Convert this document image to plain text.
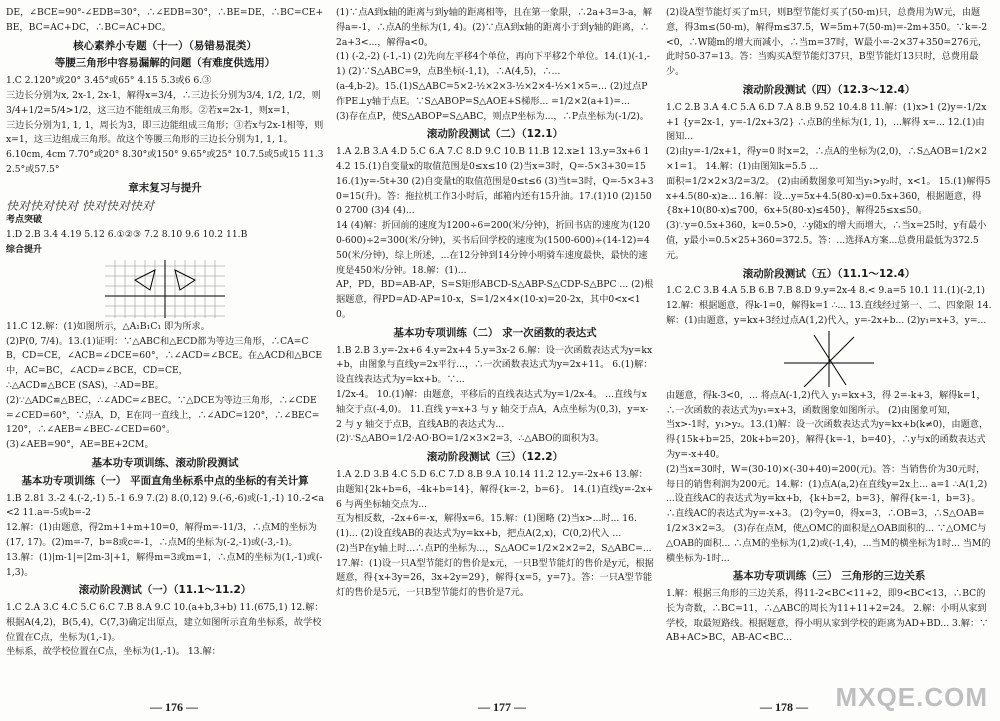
DE，∠BCE=90°-∠EDB=30°，∴∠EDB=30°，∴BE=DE，∴BC=CE+BE，BC=AC+DC，∴BC=AC+DC。

核心素养小专题（十一）（易错易混类）

等腰三角形中容易漏解的问题（有难度供选用）

1.C 2.120°或20° 3.45°或65° 4.15 5.3或6 6.③

三边长分别为x, 2x-1, 2x-1，解得x=3/4，∴三边长分别为3/4, 1/2, 1/2，则3/4+1/2=5/4>1/2，这三边不能组成三角形。②若x=2x-1，则x=1，

三边长分别为1, 1, 1，周长为3，即三边能组成三角形；③若x与2x-1相等，则x=1，这三边组成三角形。故这个等腰三角形的三边长分别为1, 1, 1。

6.10cm, 4cm 7.70°或20° 8.30°或150° 9.65°或25° 10.7.5或5或15 11.32.5°或57.5°

章末复习与提升

快对快对快对 快对快对快对

考点突破

1.D 2.B 3.4 4.19 5.12 6.①②③ 7.2 8.10 9.6 10.2 11.B

综合提升

11.C 12.解：(1)如图所示，△A₁B₁C₁ 即为所求。

(2)P(0, 7/4)。13.(1)证明：∵△ABC和△ECD都为等边三角形，∴CA=CB，CD=CE，∠ACB=∠DCE=60°，∴∠ACD=∠BCE。在△ACD和△BCE中，AC=BC，∠ACD=∠BCE，CD=CE，

∴△ACD≌△BCE (SAS)，∴AD=BE。

(2)∵△ADC≌△BEC，∴∠ADC=∠BEC。∵△DCE为等边三角形，∴∠CDE=∠CED=60°，∵点A，D，E在同一直线上，∴∠ADC=120°，∴∠BEC=120°，∴∠AEB=∠BEC-∠CED=60°。

(3)∠AEB=90°，AE=BE+2CM。

基本功专项训练、滚动阶段测试

基本功专项训练（一） 平面直角坐标系中点的坐标的有关计算

1.B 2.81 3.-2 4.(-2,-1) 5.-1 6.9 7.(2) 8.(0,12) 9.(-6,-6)或(-1,-1) 10.-2<a<2 11.a=-5或b=-2

12.解：(1)由题意，得2m+1+m+10=0，解得m=-11/3，∴点M的坐标为(17, 17)。(2)m=-7，b=8或c=-1，∴点M的坐标为(-2,-1)或(-3,-1)。

13.解：(1)|m-1|=|2m-3|+1，解得m=3或m=1，∴点M的坐标为(1,-1)或(-1,3)。

滚动阶段测试（一）（11.1～11.2）

1.C 2.A 3.C 4.C 5.C 6.C 7.B 8.A 9.C 10.(a+b,3+b) 11.(675,1) 12.解：根据A(4,2)，B(5,4)，C(7,3)确定出原点，建立如图所示直角坐标系，故学校位置在C点，坐标为(1,-1)。

坐标系，故学校位置在C点，坐标为(1,-1)。 13.解：

— 176 —

(1)∵点A到x轴的距离与到y轴的距离相等，且在第一象限，∴2a+3=3-a，解得a=-1，∴点A的坐标为(1, 4)。(2)∵点A到x轴的距离小于到y轴的距离，∴2a+3<...，解得a<0。

(1) (-2,-2) (-1,-1) (2)先向左平移4个单位，再向下平移2个单位。14.(1)(-1,-1) (2)∵S△ABC=9，点B坐标(-1,1)，∴A(4,5)，∴...

(a-4,b-2)。15.(1)S△ABC=5×2-½×2×3-½×2×4-½×1×5=... (2)过点P作PE⊥y轴于点E。∵S△ABOP=S△AOE+S梯形... =1/2×2(a+1)=...

(3)存在点P，使S△ABOP=S△ABC，则点P坐标为...，∴P点坐标为(-1/2)。

滚动阶段测试（二）（12.1）

1.A 2.B 3.A 4.D 5.C 6.A 7.C 8.D 9.C 10.B 11.B 12.x≥1 13.y=3x+6 14.2 15.(1)自变量x的取值范围是0≤x≤10 (2)当x=3时，Q=-5×3+30=15

16.(1)y=-5t+30 (2)自变量t的取值范围是0≤t≤6 (3)当t=3时，Q=-5×3+30=15(升)。答：拖拉机工作3小时后，邮箱内还有15升油。17.(1)10 (2)1500 2700 (3)4 (4)...

14 (4)解：折回前的速度为1200÷6=200(米/分钟)，折回书店的速度为(1200-600)÷2=300(米/分钟)，买书后回学校的速度为(1500-600)÷(14-12)=450(米/分钟)，综上所述，...在12分钟到14分钟小明骑车速度最快，最快的速度是450米/分钟。18.解：(1)...

AP，PD，BD=AB-AP，S=S矩形ABCD-S△ABP-S△CDP-S△BPC ... (2)根据题意，得PD=AD-AP=10-x，S=1/2×4×(10-x)=20-2x，其中0<x<10。

基本功专项训练（二） 求一次函数的表达式

1.B 2.B 3.y=-2x+6 4.y=2x+4 5.y=3x-2 6.解：设一次函数表达式为y=kx+b，由图象与直线y=2x平行...，∴一次函数表达式为y=2x+11。 6.(1)解：设直线表达式为y=kx+b。∵...

1/2x-4。 10.(1)解：由题意，平移后的直线表达式为y=1/2x-4。 ...直线与x轴交于点(-4,0)。 11.直线 y=x+3 与 y 轴交于点A，A点坐标为(0,3)，y=x-2 与 y 轴交于点B，直线AB的表达式为...

(2)∵S△ABO=1/2·AO·BO=1/2×3×2=3，∴△ABO的面积为3。

滚动阶段测试（三）（12.2）

1.A 2.D 3.B 4.C 5.D 6.C 7.D 8.B 9.A 10.14 11.2 12.y=-2x+6 13.解：由题知{2k+b=6，-4k+b=14}，解得{k=-2，b=6}。 14.(1)直线y=-2x+6 与两坐标轴交点为...

互为相反数，-2x+6=-x，解得x=6。15.解：(1)图略 (2)当x>...时... 16.(1)... (2)设直线AB的表达式为y=kx+b，把点A(2,x)，C(0,2)代入 ...

(2)当P在y轴上时...∴点P的坐标为...，S△AOC=1/2×2×2=2，S△ABC=... 17.解：(1)设一只A型节能灯的售价是x元，一只B型节能灯的售价是y元，根据题意，得{x+3y=26，3x+2y=29}，解得{x=5，y=7}。答：一只A型节能灯的售价是5元，一只B型节能灯的售价是7元。

— 177 —

(2)设A型节能灯买了m只，则B型节能灯买了(50-m)只，总费用为W元，由题意，得3m≤(50-m)，解得m≤37.5，W=5m+7(50-m)=-2m+350。∵k=-2<0，∴W随m的增大而减小，∴当m=37时，W最小=-2×37+350=276元，此时50-37=13。答：当购买A型节能灯37只，B型节能灯13只时，总费用最少。

滚动阶段测试（四）（12.3～12.4）

1.C 2.B 3.A 4.C 5.A 6.D 7.A 8.B 9.52 10.4.8 11.解：(1)x>1 (2)y=-1/2x+1 {y=2x-1，y=-1/2x+3/2} ∴点B的坐标为(1, 1)，...解得 x=... 12.(1)由图知...

(2)由y=-1/2x+1，得y=0 时x=2，∴点A的坐标为(2,0)，∴S△AOB=1/2×2×1=1。 14.解：(1)由图知k=5.5 ...

面积=1/2×2×3/2=3/2。 (2)由函数图象可知当y₁>y₂时，x<1。 15.(1)解得5x+4.5(80-x)≥... 16.解：设...y=5x+4.5(80-x)=0.5x+360，根据题意，得{8x+10(80-x)≤700，6x+5(80-x)≤450}，解得25≤x≤50。

(3)∵y=0.5x+360，k=0.5>0，∴y随x的增大而增大，∴当x=25时，y有最小值，y最小=0.5×25+360=372.5。答：...选择A方案...总费用最低为372.5元。

滚动阶段测试（五）（11.1～12.4）

1.C 2.C 3.B 4.A 5.B 6.B 7.B 8.D 9.y=2x-4 8.< 9.a=5 10.1 11.(1)(-2,1) 12.解：根据题意，得k-1=0，解得k=1 ∴... 13.直线经过第一、二、四象限 14.解：(1)由题意，y=kx+3经过点A(1,2)代入，y=-2x+b... (2)y₁=x+3，y=...

由题意，得k-3<0，... 将点A(-1,2)代入 y₁=kx+3，得 2=-k+3，解得k=1，∴一次函数的表达式为y₁=x+3，函数图象如图所示。 (2)由图象可知，

当x>-1时，y₁>y₂。13.(1)解：设一次函数表达式为y=kx+b(k≠0)，由题意，得{15k+b=25，20k+b=20}，解得{k=-1，b=40}，∴y与x的函数表达式为y=-x+40。

(2)当x=30时，W=(30-10)×(-30+40)=200(元)。答：当销售价为30元时，每日的销售利润为200元。14.解：(1)点A(a,2)在直线y=2x上... a=1 ∴A(1,2) ...设直线AC的表达式为y=kx+b，{k+b=2，b=3}，解得{k=-1，b=3}。

∴直线AC的表达式为y=-x+3。 (2)令y=0，得x=3，∴OB=3，∴S△OAB=1/2×3×2=3。 (3)存在点M，使△OMC的面积是△OAB面积的... ∵△OMC与△OAB的面积... ∴点M的坐标为(1,2)或(-1,4)，...当M的横坐标为1时... 当M的横坐标为-1时...

基本功专项训练（三） 三角形的三边关系

1.解：根据三角形的三边关系，得11-2<BC<11+2，即9<BC<13，∴BC的长为奇数，∴BC=11，∴△ABC的周长为11+11+2=24。 2.解：小明从家到学校，取最短路线。根据题意，得小明从家到学校的距离为AD+BD... 3.解：∵AB+AC>BC，AB-AC<BC...

— 178 — MXQE.COM
